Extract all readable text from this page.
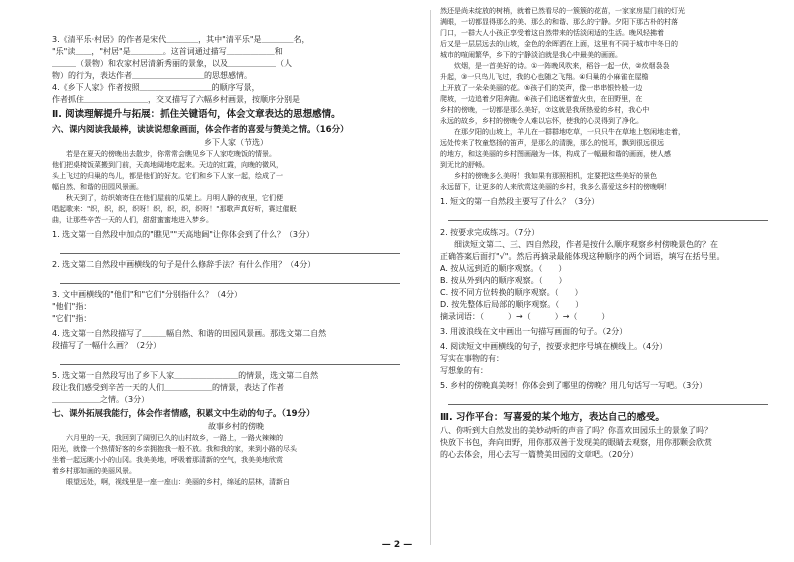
3.《清平乐·村居》的作者是宋代＿＿＿＿，其中"清平乐"是＿＿＿＿名，
"乐"读＿＿，"村居"是＿＿＿＿。这首词通过描写＿＿＿＿＿＿和
＿＿＿（景物）和农家村居清新秀丽的景象，以及＿＿＿＿＿＿（人
物）的行为，表达作者＿＿＿＿＿＿＿＿＿的思想感情。
4.《乡下人家》作者按照＿＿＿＿＿＿＿＿＿的顺序写景，
作者抓住＿＿＿＿＿＿＿＿，交叉描写了六幅乡村画景，按顺序分别是
Ⅱ. 阅读理解提升与拓展：抓住关键语句，体会文章表达的思想感情。
六、课内阅读我最棒，读读说想象画面，体会作者的喜爱与赞美之情。（16分）
乡下人家（节选）
若是在夏天的傍晚出去散步，你常常会瞧见乡下人家吃晚饭的情景。
他们把桌椅饭菜搬到门前，天高地阔地吃起来。天边的红霞，向晚的微风，
头上飞过的归巢的鸟儿，都是他们的好友。它们和乡下人家一起，绘成了一
幅自然、和谐的田园风景画。
秋天到了，纺织娘寄住在他们屋前的瓜架上。月明人静的夜里，它们便
唱起歌来："织，织，织，织呀！织，织，织，织呀！"那歌声真好听，赛过催眠
曲，让那些辛苦一天的人们，甜甜蜜蜜地进入梦乡。
1. 选文第一自然段中加点的"瞧见""天高地阔"让你体会到了什么？（3分）
2. 选文第二自然段中画横线的句子是什么修辞手法？有什么作用？（4分）
3. 文中画横线的"他们"和"它们"分别指什么？（4分）
"他们"指：
"它们"指：
4. 选文第一自然段描写了＿＿＿幅自然、和谐的田园风景画。那选文第二自然
段描写了一幅什么画？（2分）
5. 选文第一自然段写出了乡下人家＿＿＿＿＿＿＿＿的情景，选文第二自然
段让我们感受到辛苦一天的人们＿＿＿＿＿＿的情景，表达了作者
＿＿＿＿＿＿之情。（3分）
七、课外拓展我能行，体会作者情感，积累文中生动的句子。（19分）
故事乡村的傍晚
六月里的一天，我回到了阔别已久的山村故乡，一路上，一路火辣辣的
阳光，就像一个热情好客的乡亲拥抱我一般不放。我和我的家，来到小路的尽头
坐着一起远眺小小的山冈。我美美地，呼吸着那清新的空气，我美美地欣赏
着乡村那如画的美丽风景。
眼望远处，啊，视线里是一座一座山：美丽的乡村，绵延的层林，清新自
然还是尚未绽放的树梢，就着已然看尽的一簇簇的花苗，一家家房屋门前的灯光
满眼，一切都显得那么的美、那么的和谐、那么的宁静。夕阳下那古朴的村落
门口，一群大人小孩正享受着这自然带来的恬淡闲适的生活。晚风轻拂着
后又是一层层远去的山坡，金色的余晖洒在上面，这里有不同于城市中冬日的
城市的喧闹繁华，乡下的宁静淡泊就是我心中最美的画面。
炊烟，是一首美好的诗。①一阵晚风吹来，稻谷一起一伏，②炊烟袅袅
升起，③一只鸟儿飞过，我的心也随之飞翔。④归巢的小麻雀在屋檐
上开放了一朵朵美丽的花。⑤孩子们的笑声，像一串串银铃般一边
爬坡，一边追着夕阳奔跑。⑥孩子们追逐着萤火虫，在田野里，在
乡村的傍晚，一切都是那么美好，⑦这就是我所热爱的乡村，我心中
永远的故乡，乡村的傍晚令人难以忘怀，使我的心灵得到了净化。
在那夕阳的山坡上，羊儿在一群群地吃草，一只只牛在草地上悠闲地走着，
远处传来了牧童悠扬的笛声，是那么的清脆，那么的悦耳，飘到很远很远
的地方，和这美丽的乡村图画融为一体，构成了一幅最和谐的画面，使人感
到无比的舒畅。
乡村的傍晚多么美呀！我如果有那照相机，定要把这些美好的景色
永远留下，让更多的人来欣赏这美丽的乡村，我多么喜爱这乡村的傍晚啊！
1. 短文的第一自然段主要写了什么？（3分）
2. 按要求完成练习。（7分）
细读短文第二、三、四自然段，作者是按什么顺序观察乡村傍晚景色的？在
正确答案后面打"√"。然后再摘录最能体现这种顺序的两个词语，填写在括号里。
A. 按从远到近的顺序观察。（　　）
B. 按从外到内的顺序观察。（　　）
C. 按不同方位转换的顺序观察。（　　）
D. 按先整体后局部的顺序观察。（　　）
摘录词语：（　　　）→（　　　）→（　　　）
3. 用波浪线在文中画出一句描写画面的句子。（2分）
4. 阅读短文中画横线的句子，按要求把序号填在横线上。（4分）
写实在事物的有：
写想象的有：
5. 乡村的傍晚真美呀！你体会到了哪里的傍晚？用几句话写一写吧。（3分）
Ⅲ. 习作平台：写喜爱的某个地方，表达自己的感受。
八、你听到大自然发出的美妙动听的声音了吗？你喜欢田园乐土的景象了吗？
快放下书包，奔向田野，用你那双善于发现美的眼睛去观察，用你那颗会欣赏
的心去体会，用心去写一篇赞美田园的文章吧。（20分）
— 2 —
